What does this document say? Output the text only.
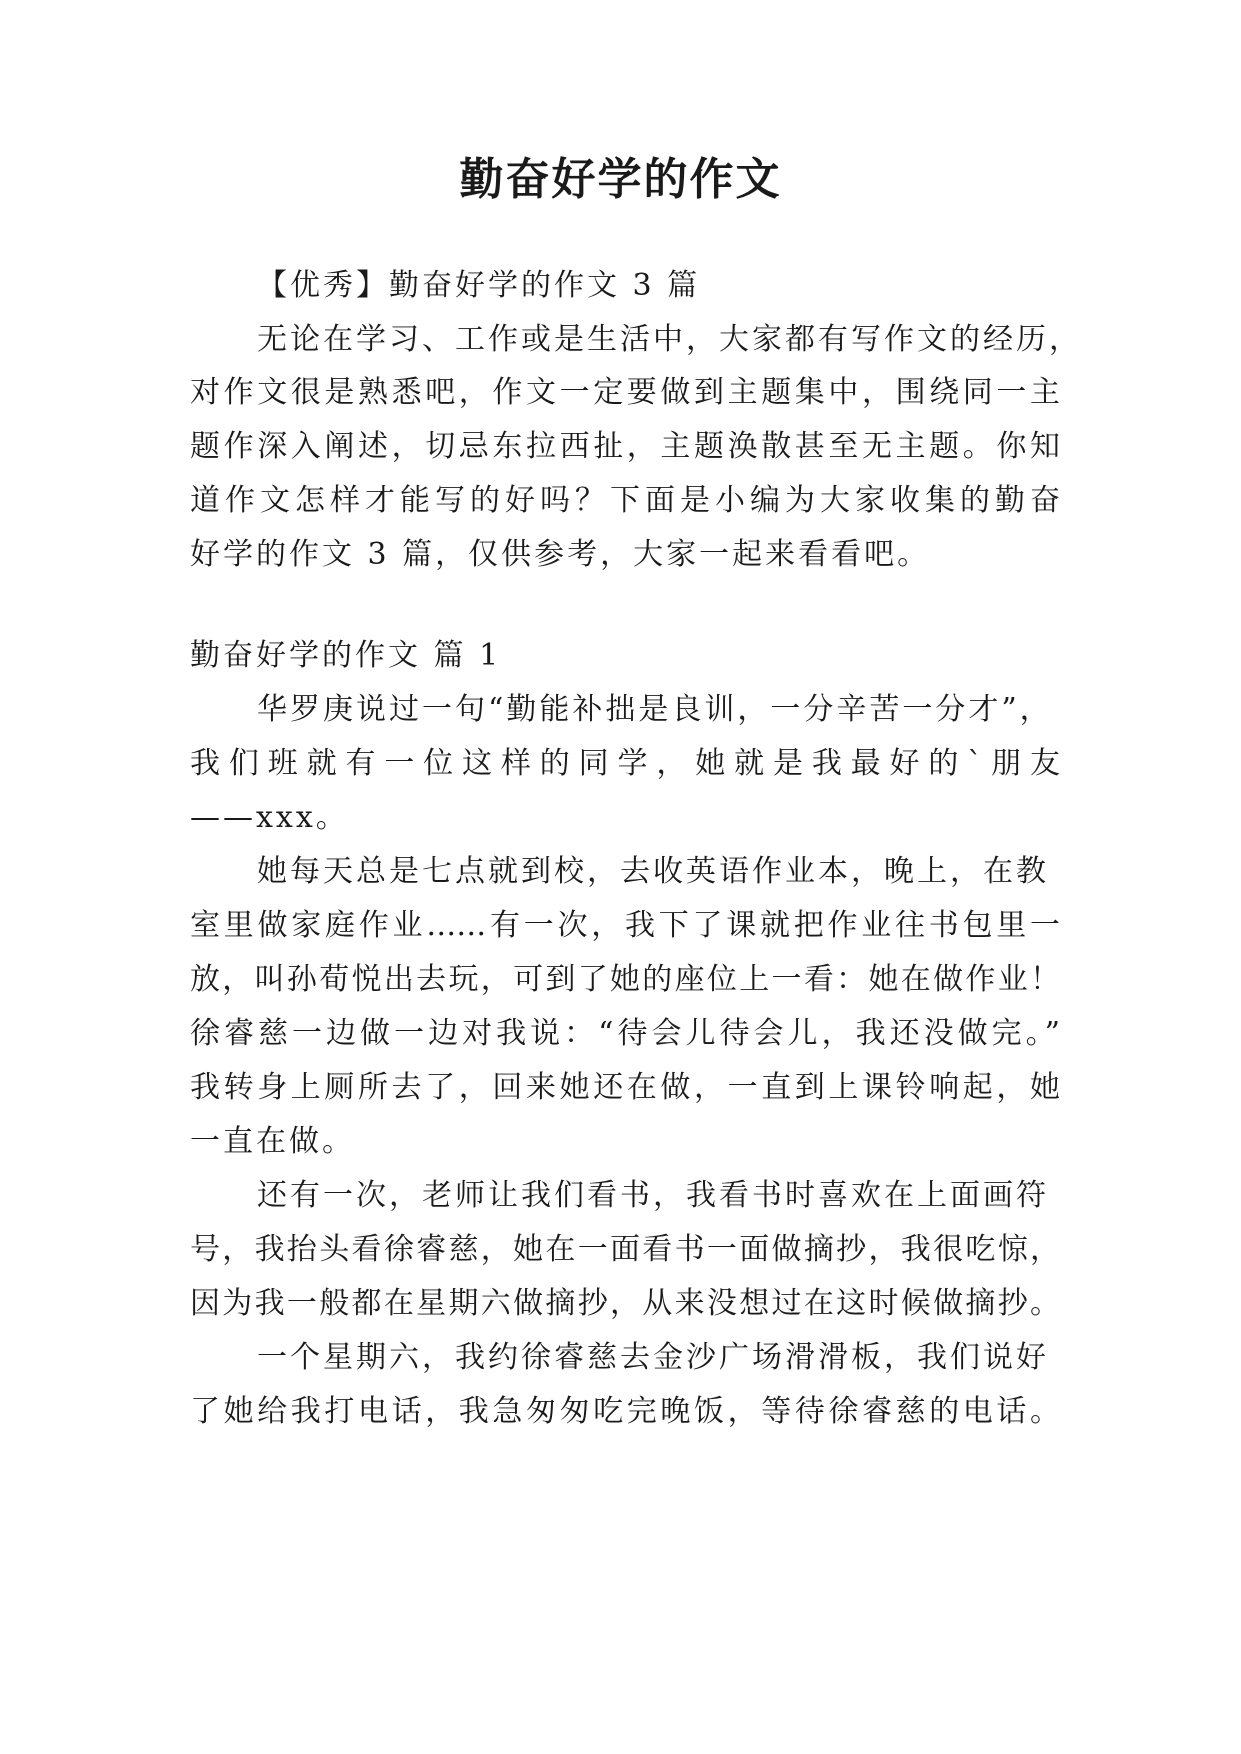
勤奋好学的作文
【优秀】勤奋好学的作文 3 篇
无论在学习、工作或是生活中，大家都有写作文的经历，
对作文很是熟悉吧，作文一定要做到主题集中，围绕同一主
题作深入阐述，切忌东拉西扯，主题涣散甚至无主题。你知
道作文怎样才能写的好吗？下面是小编为大家收集的勤奋
好学的作文 3 篇，仅供参考，大家一起来看看吧。
勤奋好学的作文 篇 1
华罗庚说过一句“勤能补拙是良训，一分辛苦一分才”，
我们班就有一位这样的同学，她就是我最好的`朋友
——xxx。
她每天总是七点就到校，去收英语作业本，晚上，在教
室里做家庭作业……有一次，我下了课就把作业往书包里一
放，叫孙荀悦出去玩，可到了她的座位上一看：她在做作业！
徐睿慈一边做一边对我说：“待会儿待会儿，我还没做完。”
我转身上厕所去了，回来她还在做，一直到上课铃响起，她
一直在做。
还有一次，老师让我们看书，我看书时喜欢在上面画符
号，我抬头看徐睿慈，她在一面看书一面做摘抄，我很吃惊，
因为我一般都在星期六做摘抄，从来没想过在这时候做摘抄。
一个星期六，我约徐睿慈去金沙广场滑滑板，我们说好
了她给我打电话，我急匆匆吃完晚饭，等待徐睿慈的电话。
